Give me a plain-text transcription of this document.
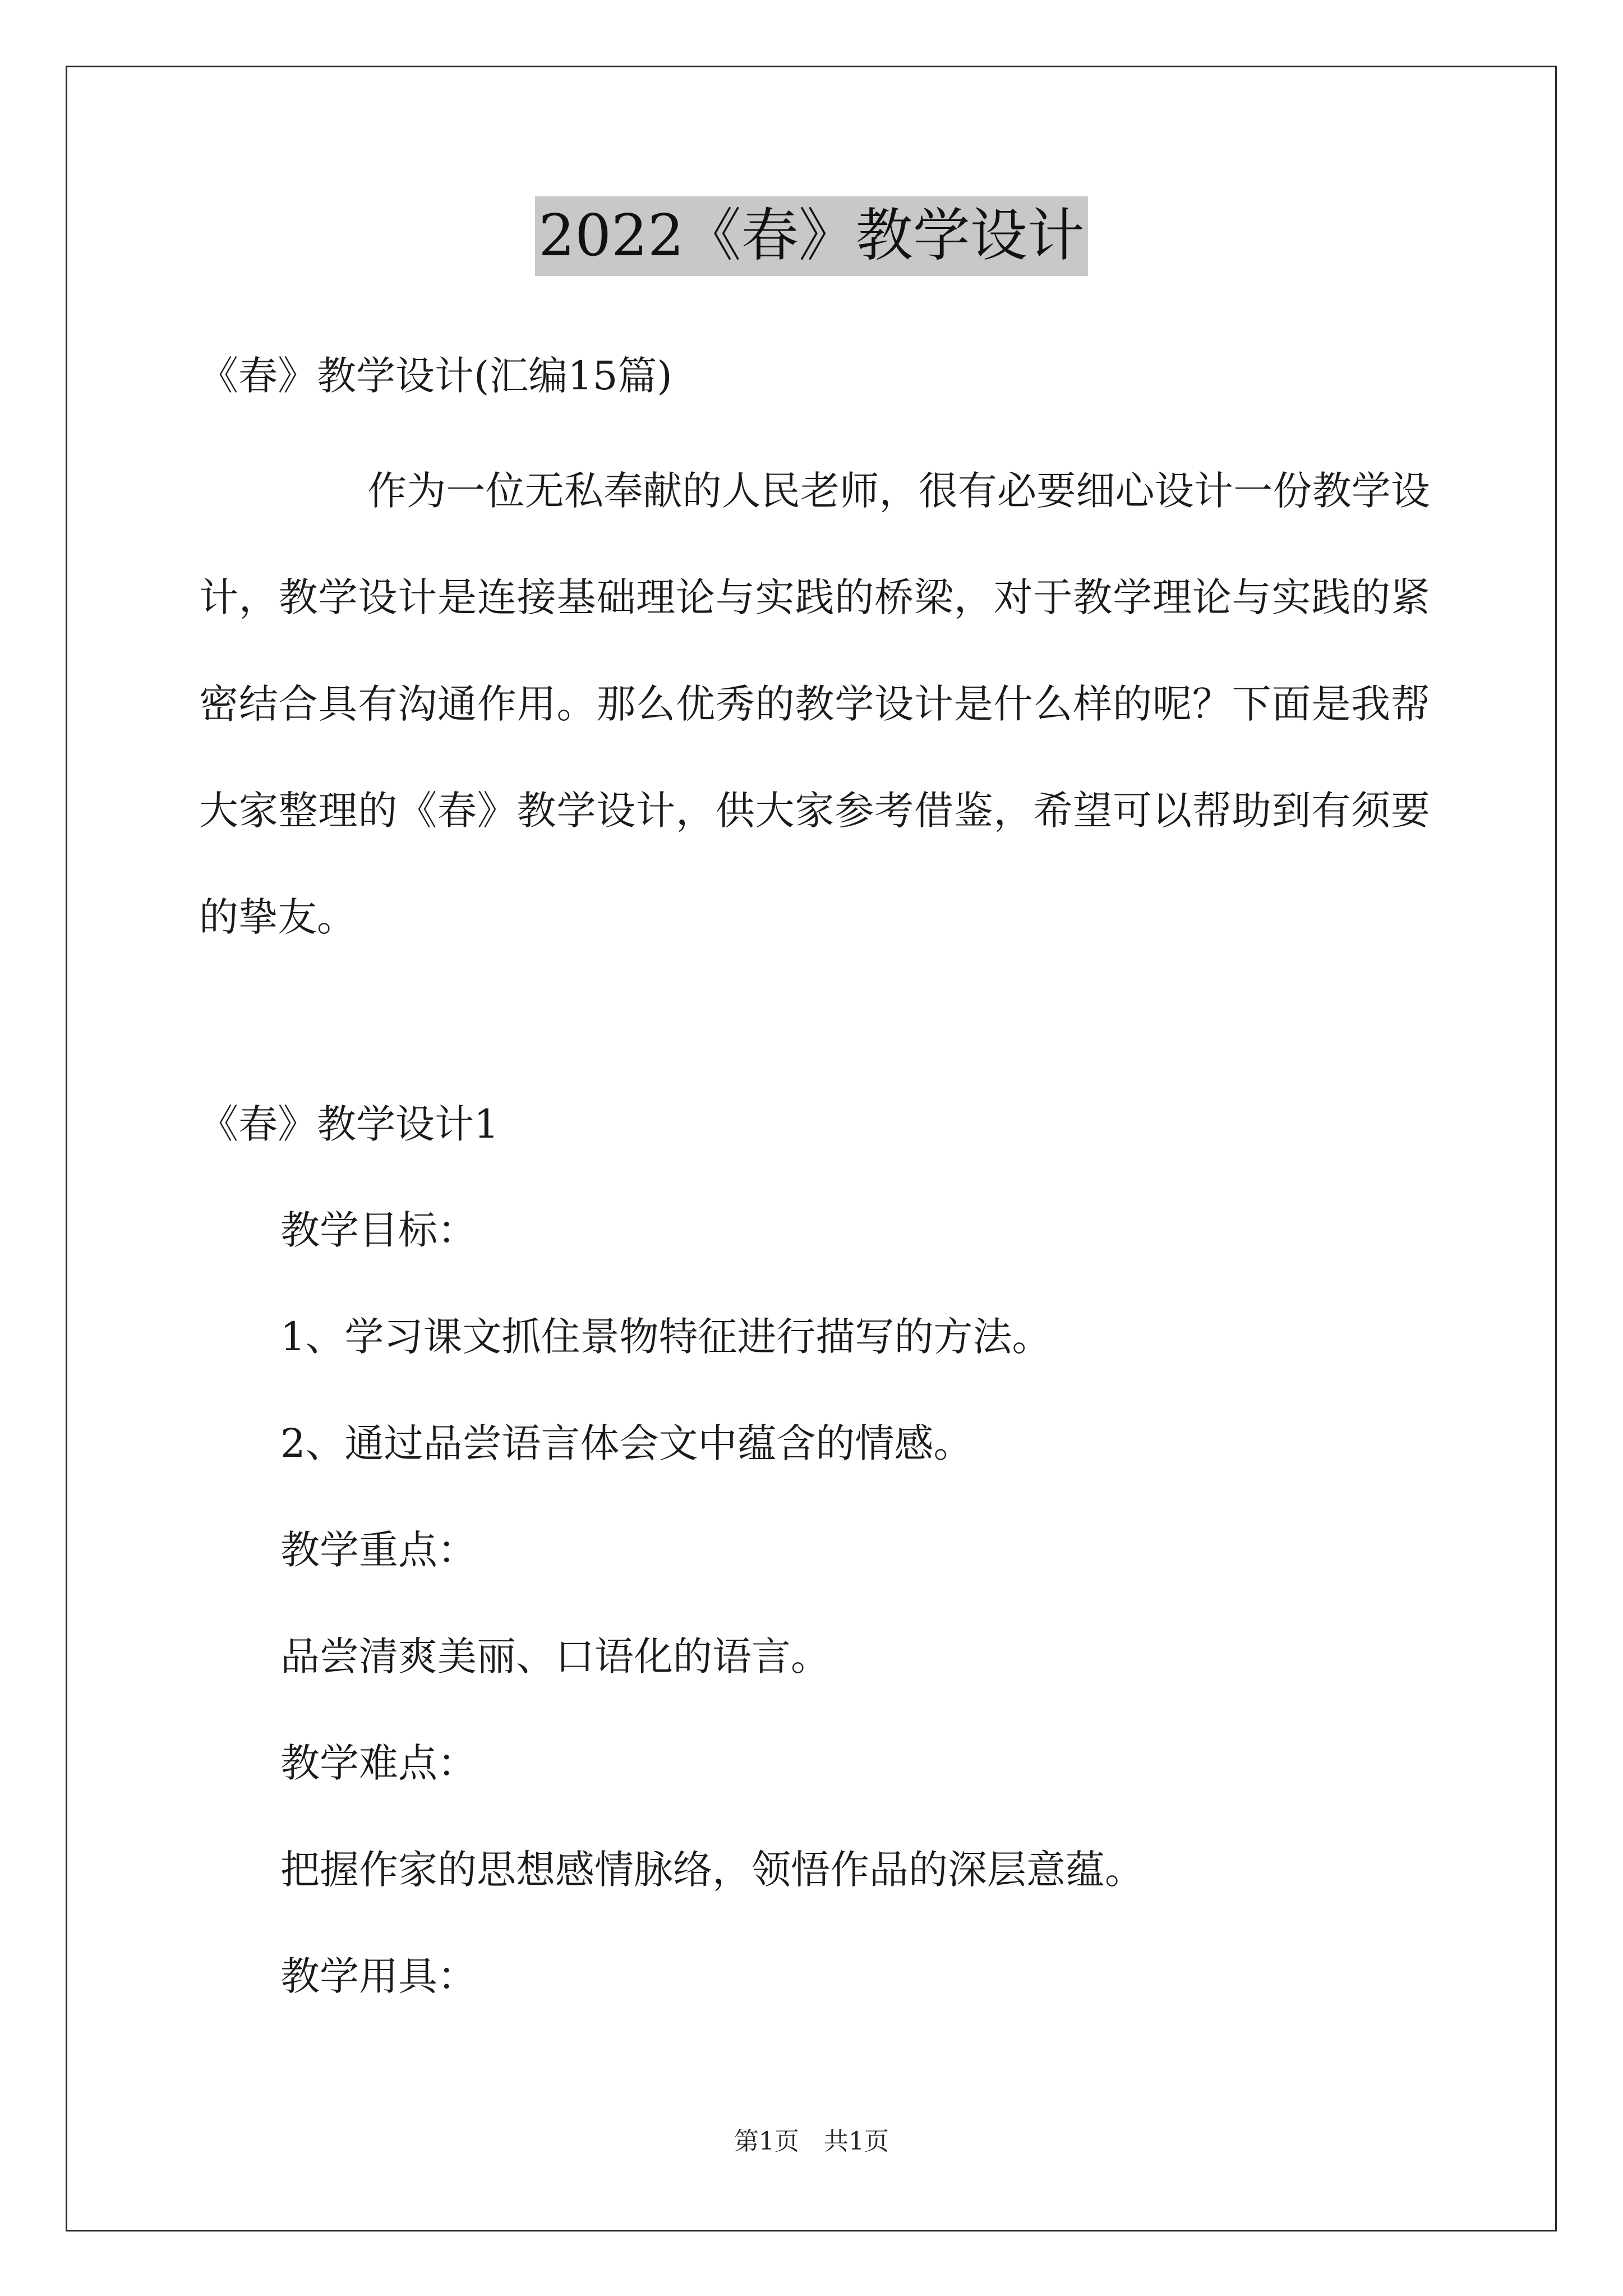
2022《春》教学设计
《春》教学设计(汇编15篇)
作为一位无私奉献的人民老师，很有必要细心设计一份教学设计，教学设计是连接基础理论与实践的桥梁，对于教学理论与实践的紧密结合具有沟通作用。那么优秀的教学设计是什么样的呢？下面是我帮大家整理的《春》教学设计，供大家参考借鉴，希望可以帮助到有须要的挚友。
《春》教学设计1
教学目标：
1、学习课文抓住景物特征进行描写的方法。
2、通过品尝语言体会文中蕴含的情感。
教学重点：
品尝清爽美丽、口语化的语言。
教学难点：
把握作家的思想感情脉络，领悟作品的深层意蕴。
教学用具：
第1页　共1页
